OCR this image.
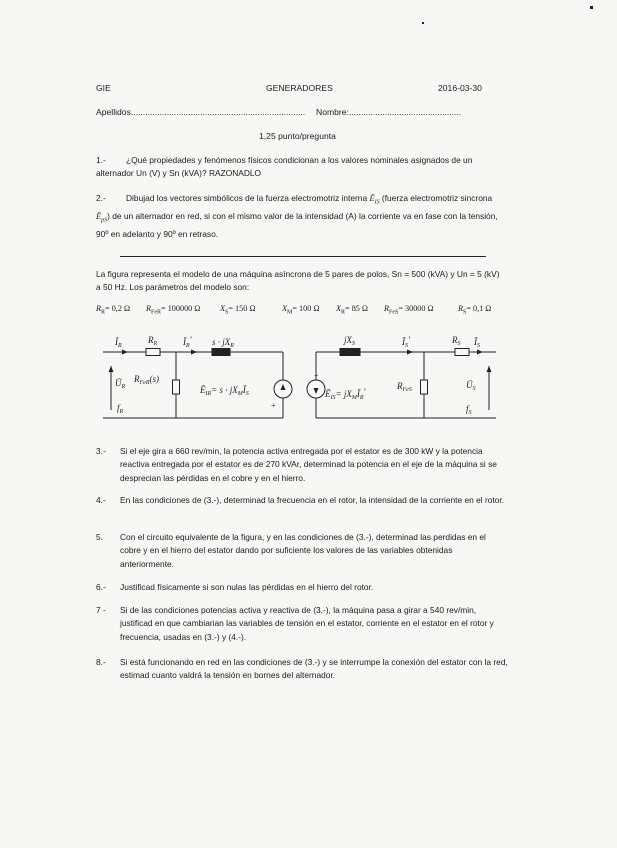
GIE	GENERADORES	2016-03-30
Apellidos.........................................................................	Nombre:...............................................
1,25 punto/pregunta
1.-	¿Qué propiedades y fenómenos físicos condicionan a los valores nominales asignados de un alternador Un (V) y Sn (kVA)? RAZONADLO
2.-	Dibujad los vectores simbólicos de la fuerza electromotriz interna $Ē_{IS}$ (fuerza electromotriz sincrona $Ē_{pS}$) de un alternador en red, si con el mismo valor de la intensidad (A) la corriente va en fase con la tensión, 90º en adelanto y 90º en retraso.
La figura representa el modelo de una máquina asíncrona de 5 pares de polos, Sn = 500 (kVA) y Un = 5 (kV) a 50 Hz. Los parámetros del modelo son:
$R_R= 0,2$ Ω $R_{FeR}= 100000$ Ω $X_S= 150$ Ω	$X_M= 100$ Ω $X_R= 85$ Ω $R_{FeS}= 30000$ Ω	$R_S= 0,1$ Ω
$Ī_R$
$R_R$	$Ī_R'$ $s \cdot jX_R$
$Ū_R$
$f_R$
$R_{FeR}(s)$
$Ē_{IR}= s$ · $jX_MĪ_S$
+
$jX_S$	$Ī_S'$	$R_S$ $Ī_S$
+
$Ē_{IS}=$ $jX_MĪ_R'$
$R_{FeS}$	$Ū_S$
$f_S$
3.- Si el eje gira a 660 rev/min, la potencia activa entregada por el estator es de 300 kW y la potencia reactiva entregada por el estator es de 270 kVAr, determinad la potencia en el eje de la máquina si se desprecian las pérdidas en el cobre y en el hierro.
4.- En las condiciones de (3.-), determinad la frecuencia en el rotor, la intensidad de la corriente en el rotor.
5. Con el circuito equivalente de la figura, y en las condiciones de (3.-), determinad las perdidas en el cobre y en el hierro del estator dando por suficiente los valores de las variables obtenidas anteriormente.
6.- Justificad físicamente si son nulas las pérdidas en el hierro del rotor.
7 - Si de las condiciones potencias activa y reactiva de (3.-), la máquina pasa a girar a 540 rev/min, justificad en que cambiarian las variables de tensión en el estator, corriente en el estator en el rotor y frecuencia, usadas en (3.-) y (4.-).
8.- Si está funcionando en red en las condiciones de (3.-) y se interrumpe la conexión del estator con la red, estimad cuanto valdrá la tensión en bornes del alternador.
